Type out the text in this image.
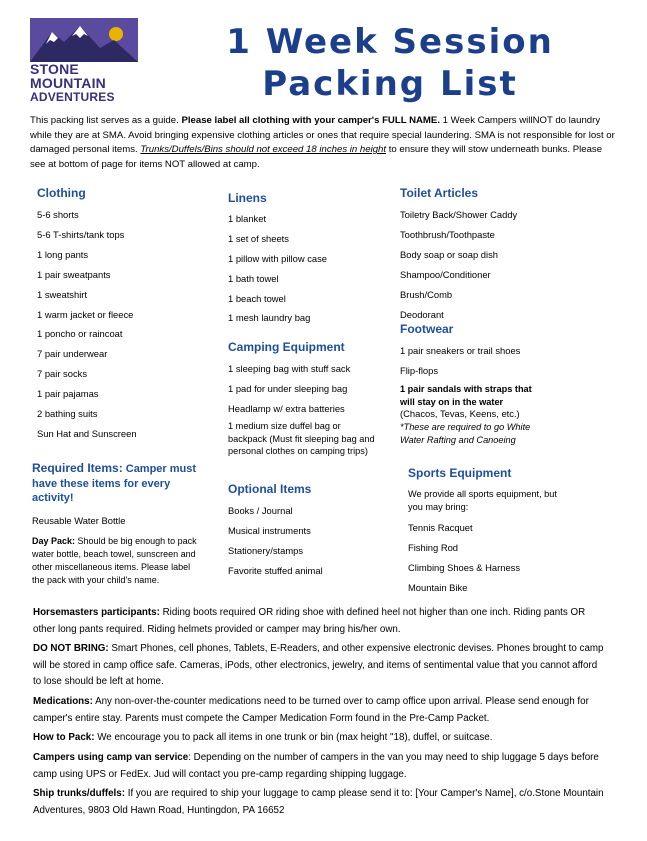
STONE
MOUNTAIN
ADVENTURES
1 Week Session
Packing List
This packing list serves as a guide. Please label all clothing with your camper's FULL NAME. 1 Week Campers willNOT do laundry while they are at SMA. Avoid bringing expensive clothing articles or ones that require special laundering. SMA is not responsible for lost or damaged personal items. Trunks/Duffels/Bins should not exceed 18 inches in height to ensure they will stow underneath bunks. Please see at bottom of page for items NOT allowed at camp.
Clothing
5-6 shorts
5-6 T-shirts/tank tops
1 long pants
1 pair sweatpants
1 sweatshirt
1 warm jacket or fleece
1 poncho or raincoat
7 pair underwear
7 pair socks
1 pair pajamas
2 bathing suits
Sun Hat and Sunscreen
Required Items: Camper must have these items for every activity!
Reusable Water Bottle
Day Pack: Should be big enough to pack water bottle, beach towel, sunscreen and other miscellaneous items. Please label the pack with your child's name.
Linens
1 blanket
1 set of sheets
1 pillow with pillow case
1 bath towel
1 beach towel
1 mesh laundry bag
Camping Equipment
1 sleeping bag with stuff sack
1 pad for under sleeping bag
Headlamp w/ extra batteries
1 medium size duffel bag or backpack (Must fit sleeping bag and personal clothes on camping trips)
Optional Items
Books / Journal
Musical instruments
Stationery/stamps
Favorite stuffed animal
Toilet Articles
Toiletry Back/Shower Caddy
Toothbrush/Toothpaste
Body soap or soap dish
Shampoo/Conditioner
Brush/Comb
Deodorant
Footwear
1 pair sneakers or trail shoes
Flip-flops
1 pair sandals with straps that will stay on in the water
(Chacos, Tevas, Keens, etc.)
*These are required to go White Water Rafting and Canoeing
Sports Equipment
We provide all sports equipment, but you may bring:
Tennis Racquet
Fishing Rod
Climbing Shoes & Harness
Mountain Bike
Horsemasters participants: Riding boots required OR riding shoe with defined heel not higher than one inch. Riding pants OR other long pants required. Riding helmets provided or camper may bring his/her own.
DO NOT BRING: Smart Phones, cell phones, Tablets, E-Readers, and other expensive electronic devises. Phones brought to camp will be stored in camp office safe. Cameras, iPods, other electronics, jewelry, and items of sentimental value that you cannot afford to lose should be left at home.
Medications: Any non-over-the-counter medications need to be turned over to camp office upon arrival. Please send enough for camper's entire stay. Parents must compete the Camper Medication Form found in the Pre-Camp Packet.
How to Pack: We encourage you to pack all items in one trunk or bin (max height "18), duffel, or suitcase.
Campers using camp van service: Depending on the number of campers in the van you may need to ship luggage 5 days before camp using UPS or FedEx. Jud will contact you pre-camp regarding shipping luggage.
Ship trunks/duffels: If you are required to ship your luggage to camp please send it to: [Your Camper's Name], c/o.Stone Mountain Adventures, 9803 Old Hawn Road, Huntingdon, PA 16652
